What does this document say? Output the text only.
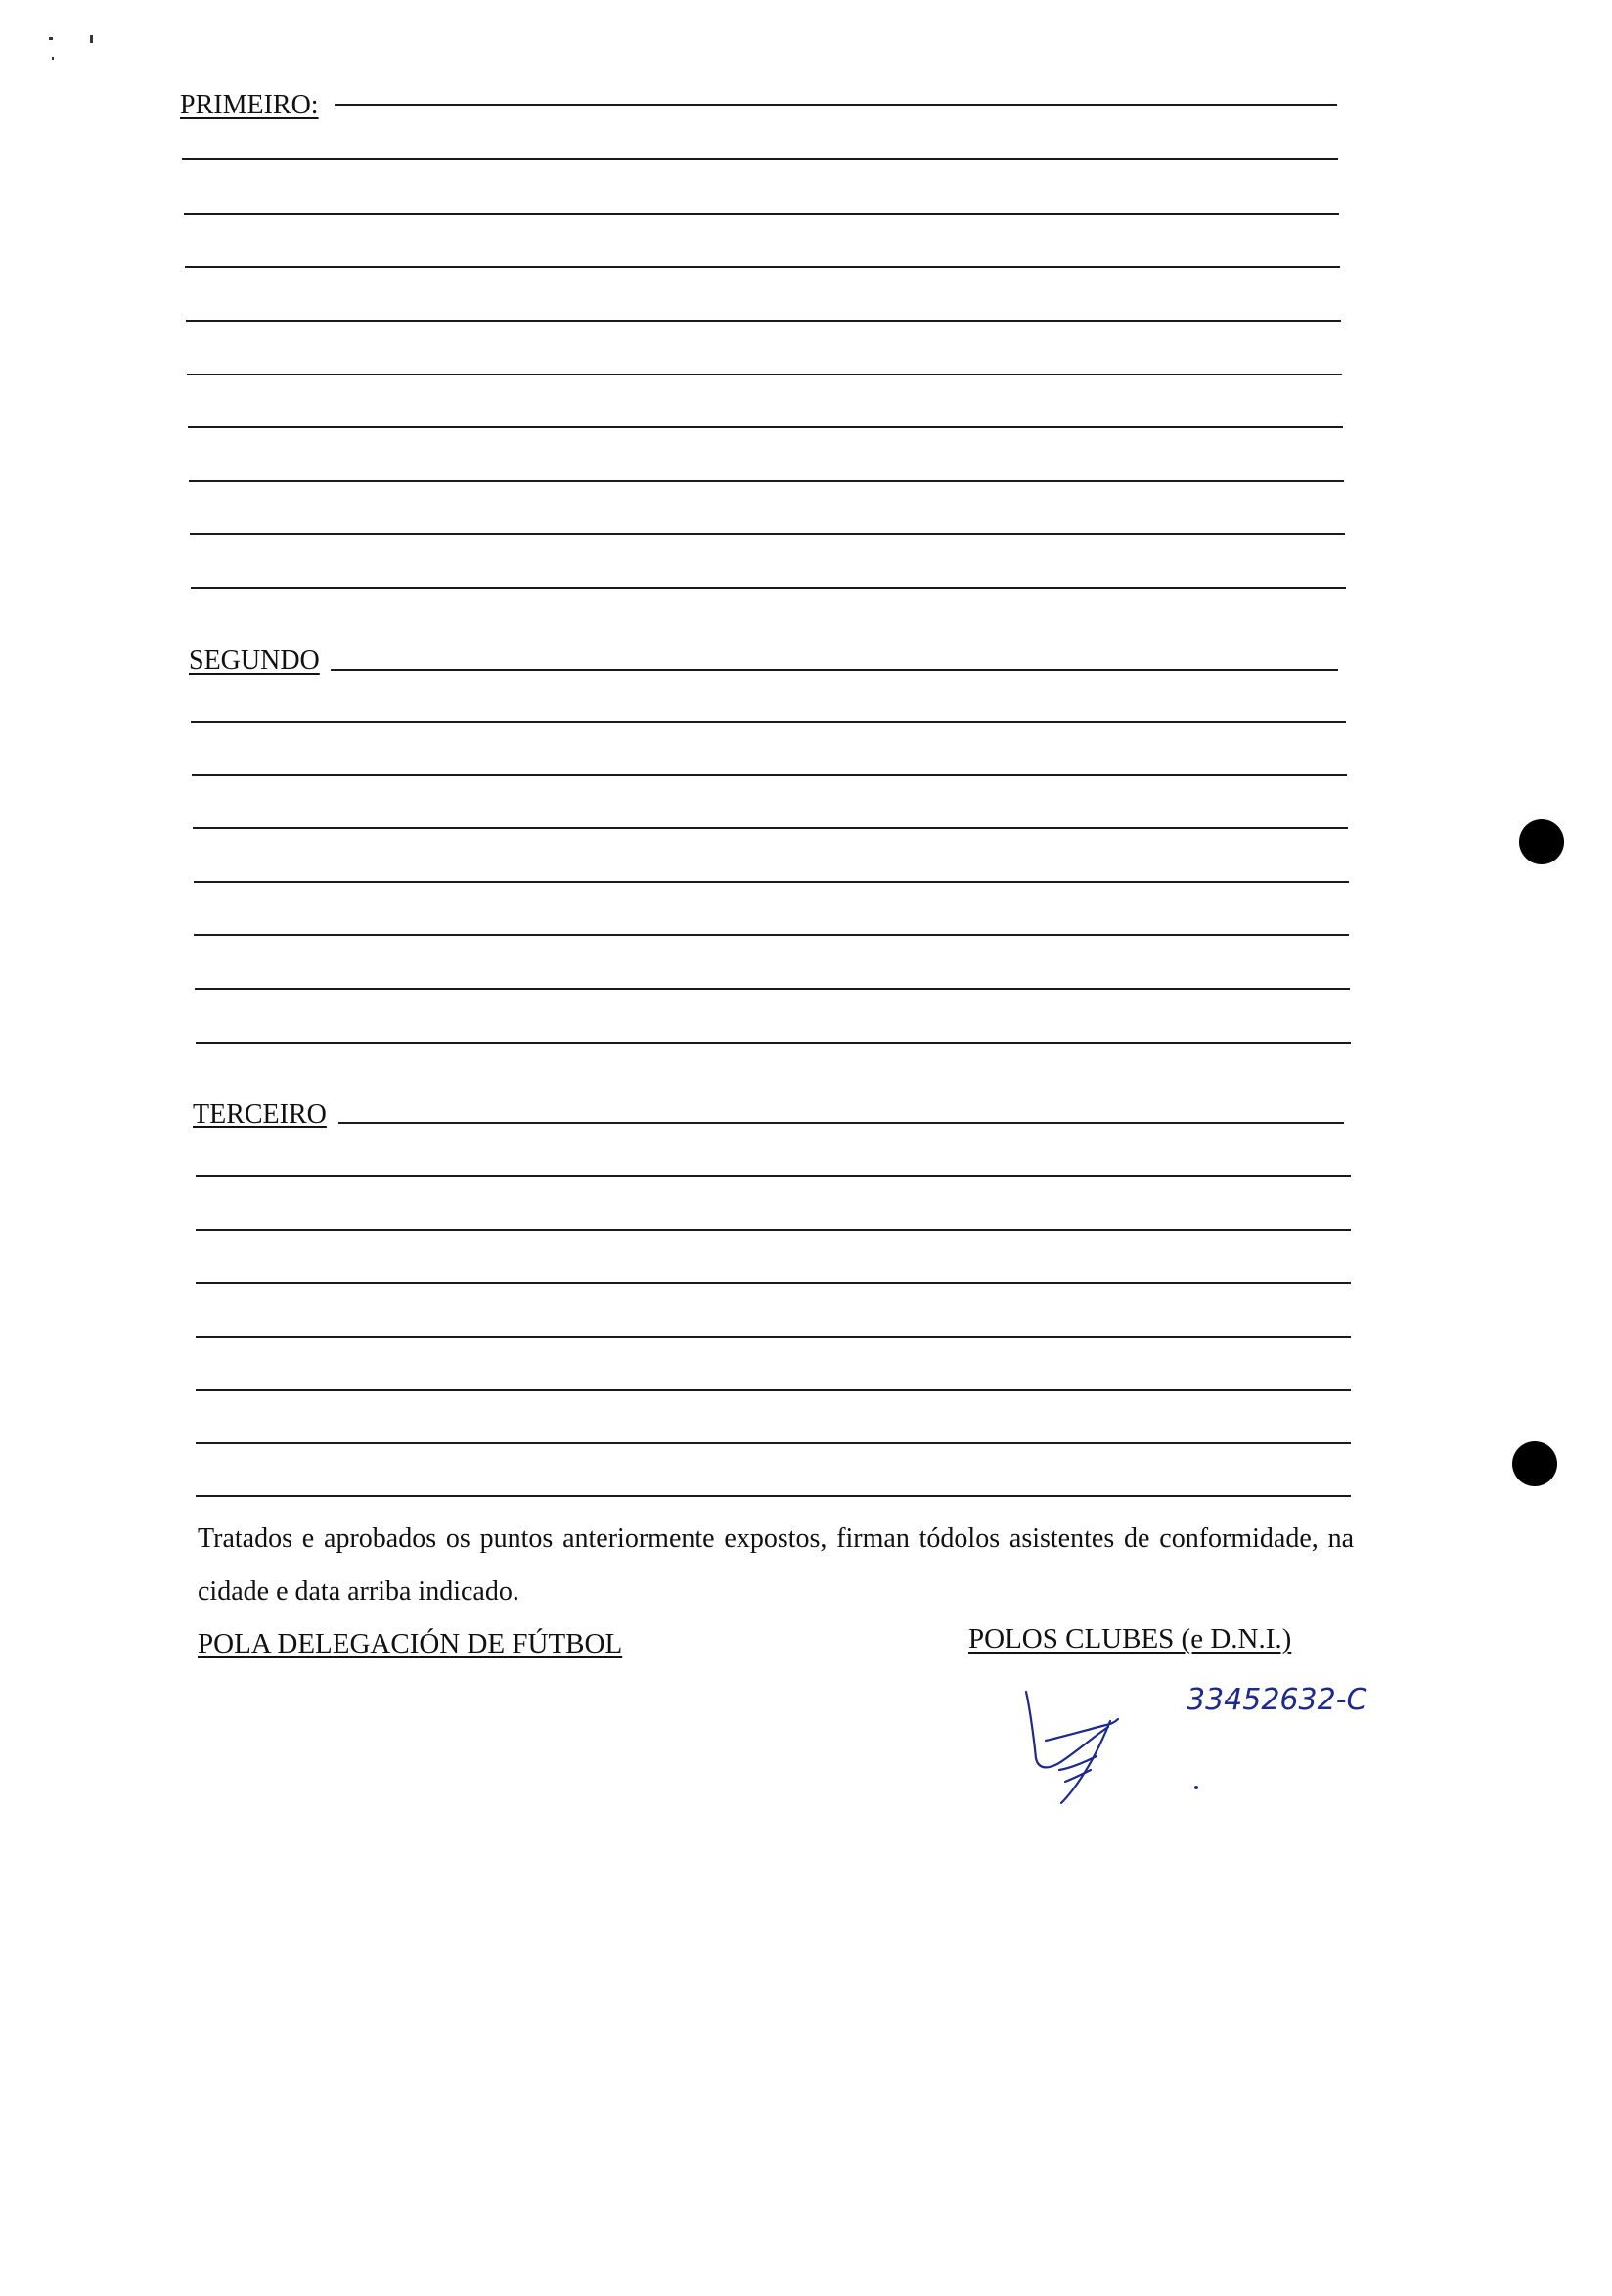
PRIMEIRO:
SEGUNDO
TERCEIRO
Tratados e aprobados os puntos anteriormente expostos, firman tódolos asistentes de conformidade, na cidade e data arriba indicado.
POLA DELEGACIÓN DE FÚTBOL	POLOS CLUBES (e D.N.I.)
33452632-C
